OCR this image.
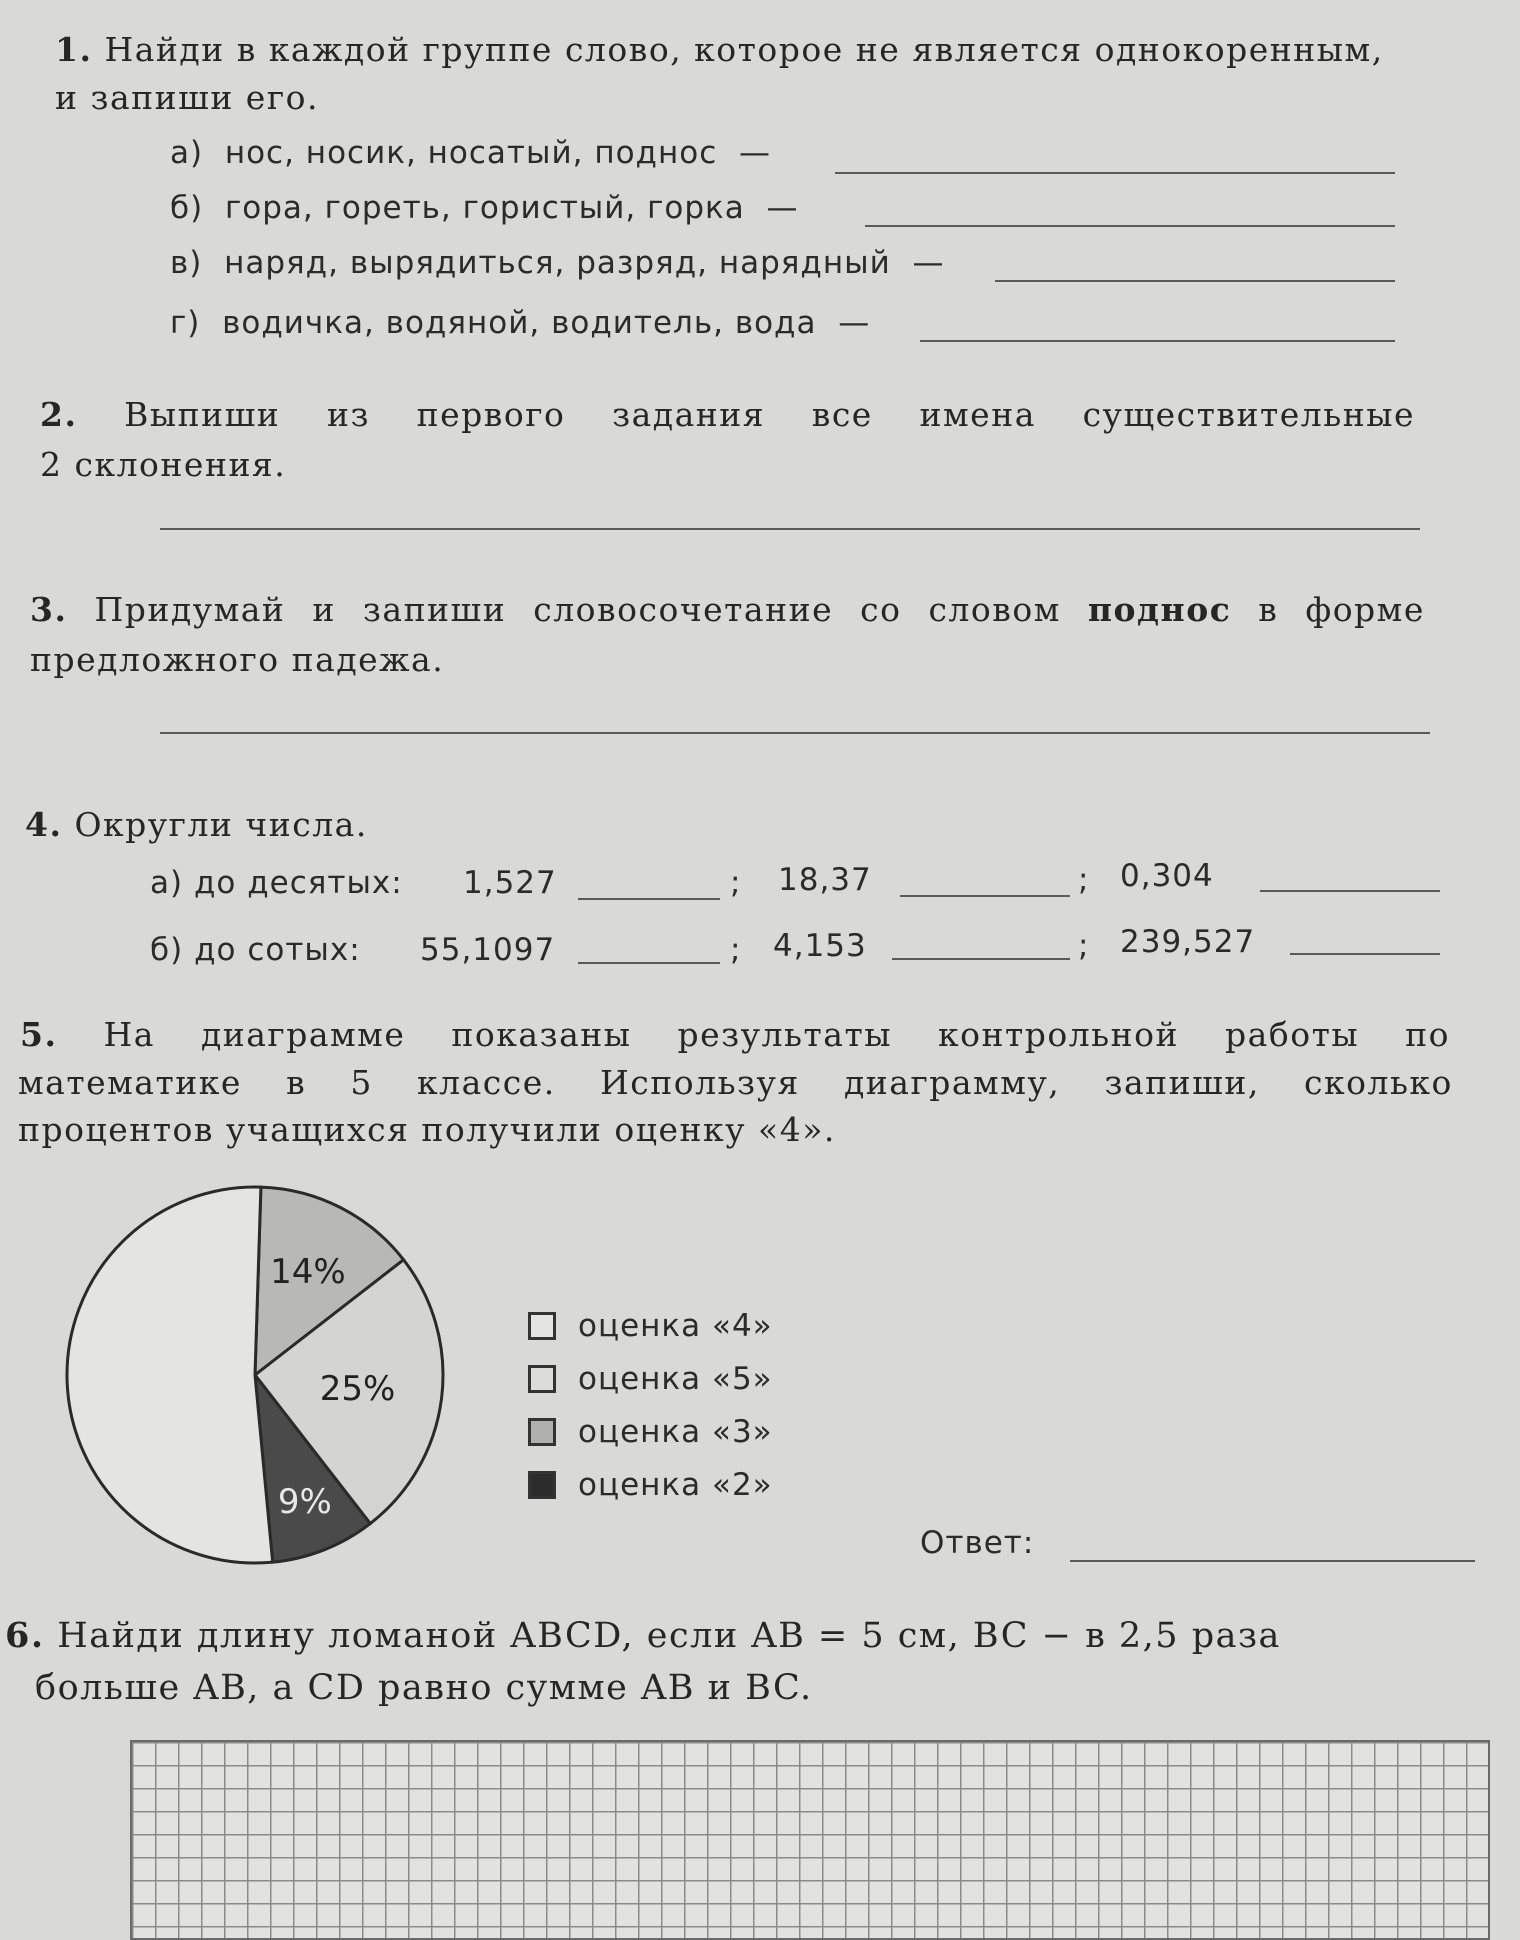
1. Найди в каждой группе слово, которое не является однокоренным,
и запиши его.
а) нос, носик, носатый, поднос —
б) гора, гореть, гористый, горка —
в) наряд, вырядиться, разряд, нарядный —
г) водичка, водяной, водитель, вода —
2. Выпиши из первого задания все имена существительные
2 склонения.
3. Придумай и запиши словосочетание со словом поднос в форме
предложного падежа.
4. Округли числа.
а) до десятых: 1,527	; 18,37	; 0,304
б) до сотых: 55,1097	; 4,153	; 239,527
5. На диаграмме показаны результаты контрольной работы по
математике в 5 классе. Используя диаграмму, запиши, сколько
процентов учащихся получили оценку «4».
14%
25%
9%
оценка «4»
оценка «5»
оценка «3»
оценка «2»
Ответ:
6. Найди длину ломаной ABCD, если AB = 5 см, BC − в 2,5 раза
больше AB, а CD равно сумме AB и BC.
